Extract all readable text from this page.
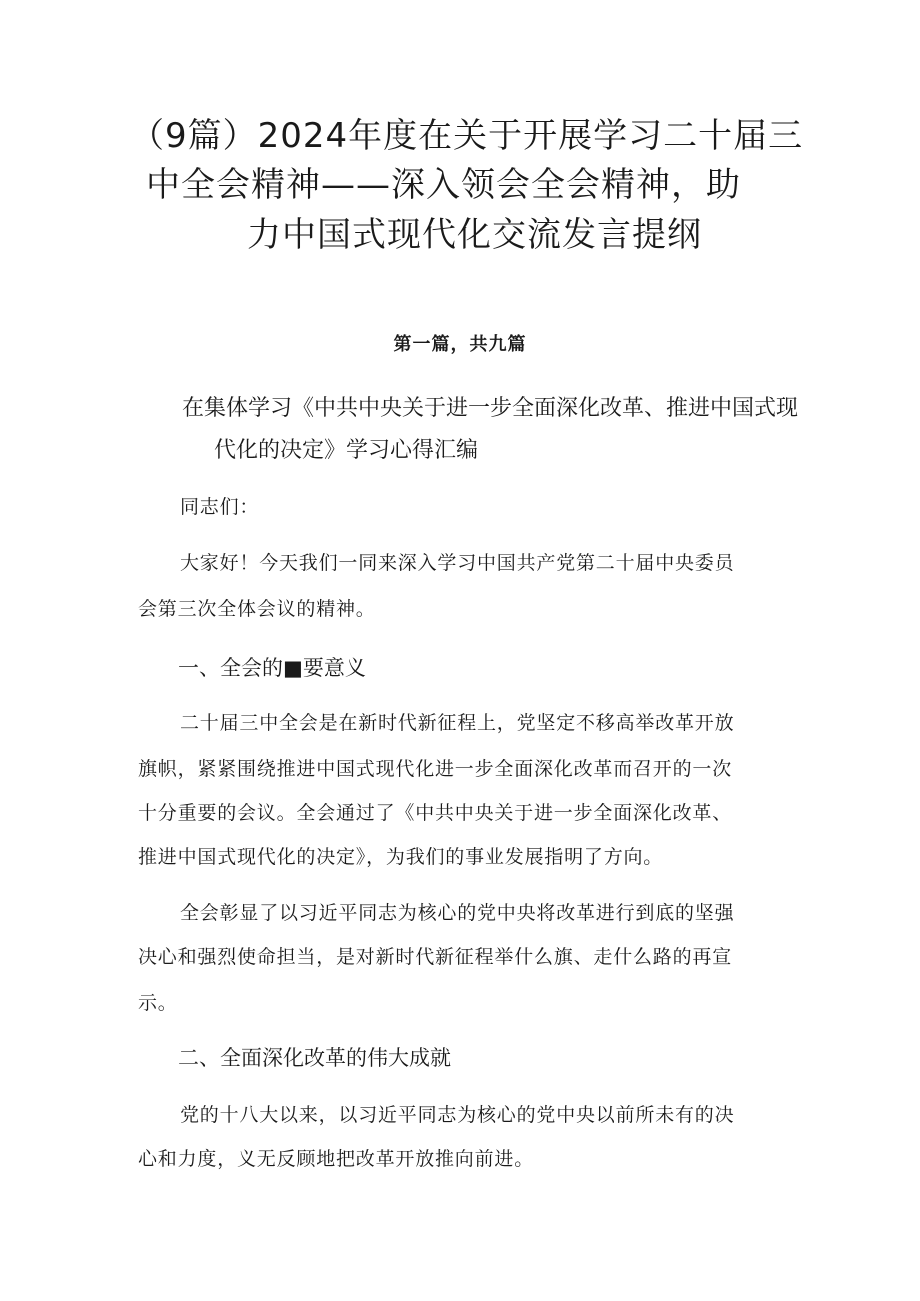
（9篇）2024年度在关于开展学习二十届三
中全会精神——深入领会全会精神，助
力中国式现代化交流发言提纲
第一篇，共九篇
在集体学习《中共中央关于进一步全面深化改革、推进中国式现
代化的决定》学习心得汇编
同志们：
大家好！今天我们一同来深入学习中国共产党第二十届中央委员
会第三次全体会议的精神。
一、全会的■要意义
二十届三中全会是在新时代新征程上，党坚定不移高举改革开放
旗帜，紧紧围绕推进中国式现代化进一步全面深化改革而召开的一次
十分重要的会议。全会通过了《中共中央关于进一步全面深化改革、
推进中国式现代化的决定》，为我们的事业发展指明了方向。
全会彰显了以习近平同志为核心的党中央将改革进行到底的坚强
决心和强烈使命担当，是对新时代新征程举什么旗、走什么路的再宣
示。
二、全面深化改革的伟大成就
党的十八大以来，以习近平同志为核心的党中央以前所未有的决
心和力度，义无反顾地把改革开放推向前进。
